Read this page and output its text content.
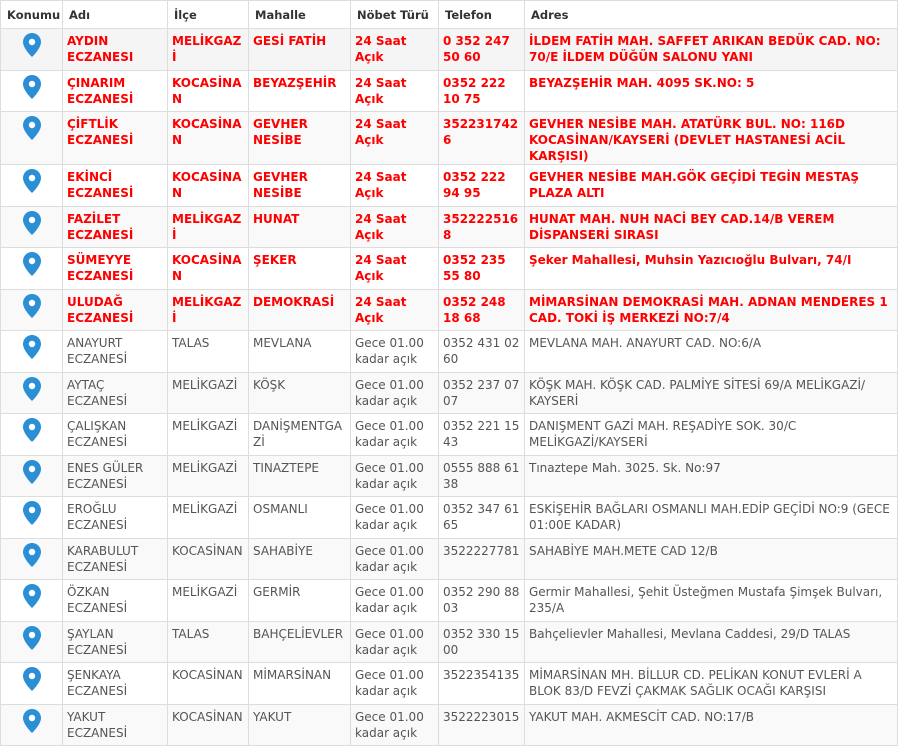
Konumu	Adı	İlçe	Mahalle	Nöbet Türü	Telefon	Adres

	AYDIN ECZANESI	MELİKGAZİ	GESİ FATİH	24 Saat Açık	0 352 247 50 60	İLDEM FATİH MAH. SAFFET ARIKAN BEDÜK CAD. NO: 70/E İLDEM DÜĞÜN SALONU YANI

	ÇINARIM ECZANESİ	KOCASİNAN	BEYAZŞEHİR	24 Saat Açık	0352 222 10 75	BEYAZŞEHİR MAH. 4095 SK.NO: 5

	ÇİFTLİK ECZANESİ	KOCASİNAN	GEVHER NESİBE	24 Saat Açık	3522317426	GEVHER NESİBE MAH. ATATÜRK BUL. NO: 116D KOCASİNAN/KAYSERİ (DEVLET HASTANESİ ACİL KARŞISI)

	EKİNCİ ECZANESİ	KOCASİNAN	GEVHER NESİBE	24 Saat Açık	0352 222 94 95	GEVHER NESİBE MAH.GÖK GEÇİDİ TEGİN MESTAŞ PLAZA ALTI

	FAZİLET ECZANESİ	MELİKGAZİ	HUNAT	24 Saat Açık	3522225168	HUNAT MAH. NUH NACİ BEY CAD.14/B VEREM DİSPANSERİ SIRASI

	SÜMEYYE ECZANESİ	KOCASİNAN	ŞEKER	24 Saat Açık	0352 235 55 80	Şeker Mahallesi, Muhsin Yazıcıoğlu Bulvarı, 74/I

	ULUDAĞ ECZANESİ	MELİKGAZİ	DEMOKRASİ	24 Saat Açık	0352 248 18 68	MİMARSİNAN DEMOKRASİ MAH. ADNAN MENDERES 1 CAD. TOKİ İŞ MERKEZİ NO:7/4

	ANAYURT ECZANESİ	TALAS	MEVLANA	Gece 01.00 kadar açık	0352 431 02 60	MEVLANA MAH. ANAYURT CAD. NO:6/A

	AYTAÇ ECZANESİ	MELİKGAZİ	KÖŞK	Gece 01.00 kadar açık	0352 237 07 07	KÖŞK MAH. KÖŞK CAD. PALMİYE SİTESİ 69/A MELİKGAZİ/ KAYSERİ

	ÇALIŞKAN ECZANESİ	MELİKGAZİ	DANİŞMENTGAZİ	Gece 01.00 kadar açık	0352 221 15 43	DANIŞMENT GAZİ MAH. REŞADİYE SOK. 30/C MELİKGAZİ/KAYSERİ

	ENES GÜLER ECZANESİ	MELİKGAZİ	TINAZTEPE	Gece 01.00 kadar açık	0555 888 61 38	Tınaztepe Mah. 3025. Sk. No:97

	EROĞLU ECZANESİ	MELİKGAZİ	OSMANLI	Gece 01.00 kadar açık	0352 347 61 65	ESKİŞEHİR BAĞLARI OSMANLI MAH.EDİP GEÇİDİ NO:9 (GECE 01:00E KADAR)

	KARABULUT ECZANESİ	KOCASİNAN	SAHABİYE	Gece 01.00 kadar açık	3522227781	SAHABİYE MAH.METE CAD 12/B

	ÖZKAN ECZANESİ	MELİKGAZİ	GERMİR	Gece 01.00 kadar açık	0352 290 88 03	Germir Mahallesi, Şehit Üsteğmen Mustafa Şimşek Bulvarı, 235/A

	ŞAYLAN ECZANESİ	TALAS	BAHÇELİEVLER	Gece 01.00 kadar açık	0352 330 15 00	Bahçelievler Mahallesi, Mevlana Caddesi, 29/D TALAS

	ŞENKAYA ECZANESİ	KOCASİNAN	MİMARSİNAN	Gece 01.00 kadar açık	3522354135	MİMARSİNAN MH. BİLLUR CD. PELİKAN KONUT EVLERİ A BLOK 83/D FEVZİ ÇAKMAK SAĞLIK OCAĞI KARŞISI

	YAKUT ECZANESİ	KOCASİNAN	YAKUT	Gece 01.00 kadar açık	3522223015	YAKUT MAH. AKMESCİT CAD. NO:17/B
